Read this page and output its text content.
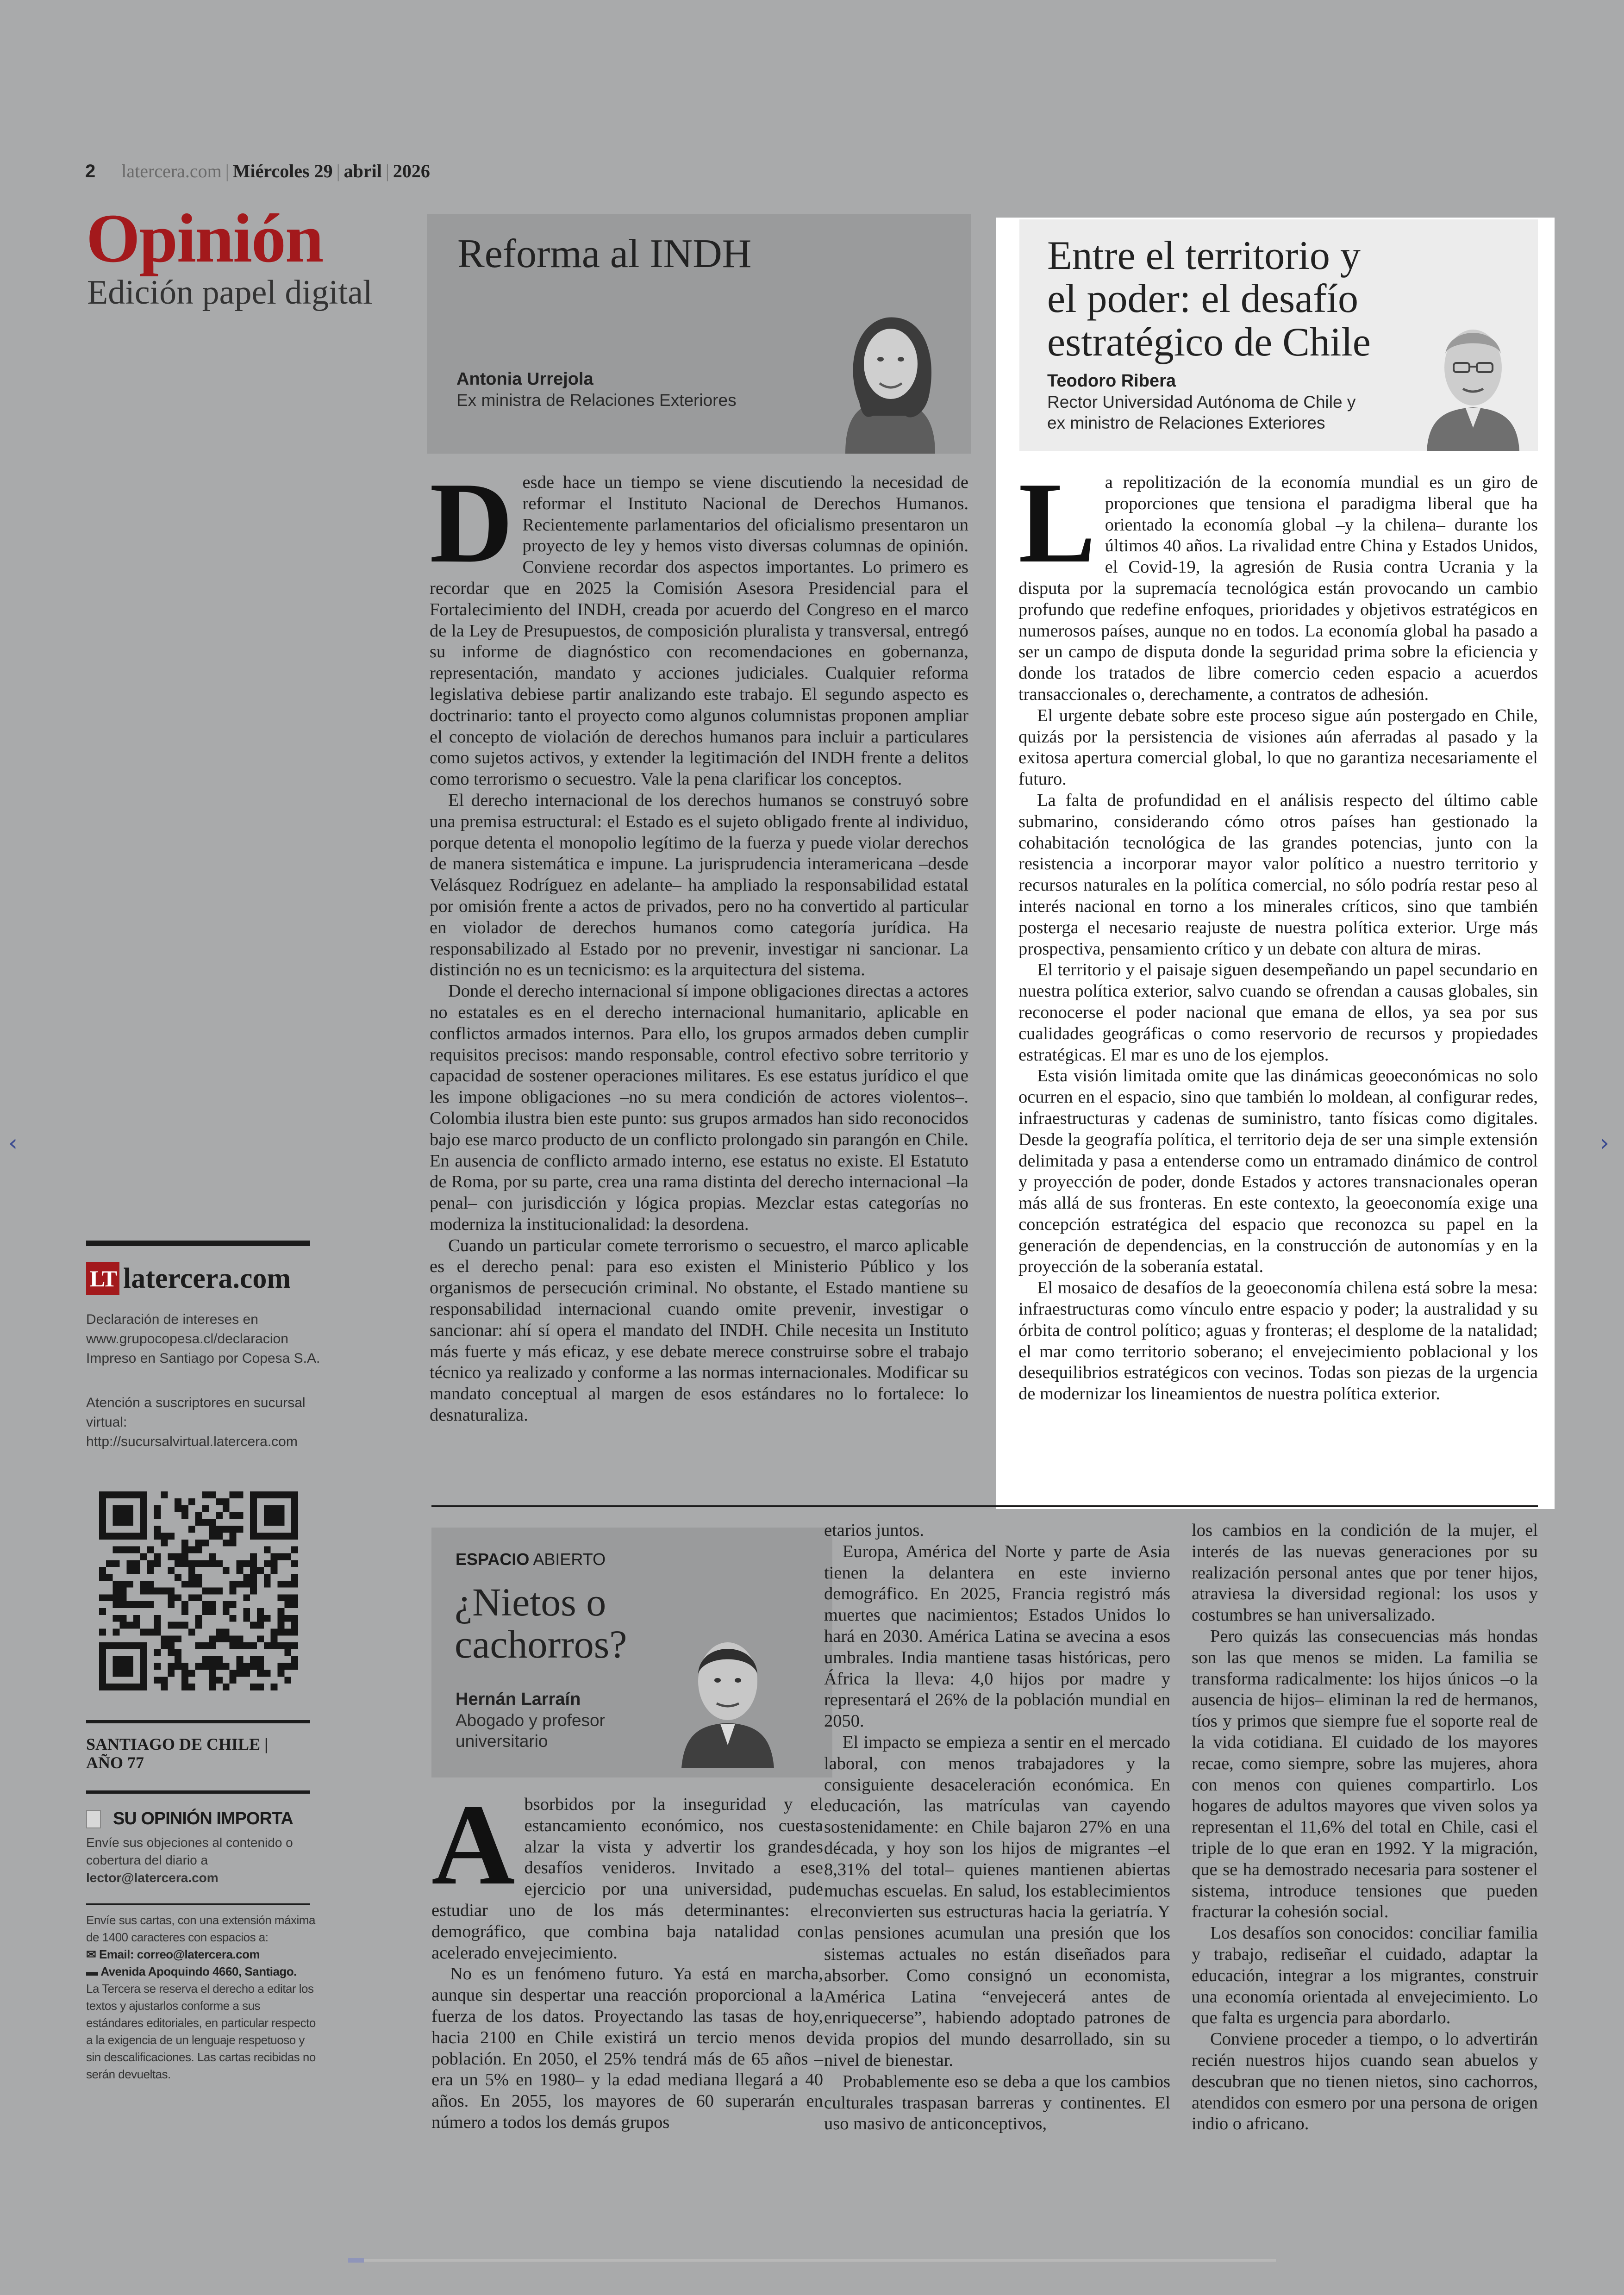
2 latercera.com | Miércoles 29 | abril | 2026
Opinión
Edición papel digital
LT latercera.com
Declaración de intereses en www.grupocopesa.cl/declaracion Impreso en Santiago por Copesa S.A.
Atención a suscriptores en sucursal virtual: http://sucursalvirtual.latercera.com
SANTIAGO DE CHILE |
AÑO 77
SU OPINIÓN IMPORTA
Envíe sus objeciones al contenido o cobertura del diario a
lector@latercera.com
Envíe sus cartas, con una extensión máxima de 1400 caracteres con espacios a:
✉ Email: correo@latercera.com
▬ Avenida Apoquindo 4660, Santiago.
La Tercera se reserva el derecho a editar los textos y ajustarlos conforme a sus estándares editoriales, en particular respecto a la exigencia de un lenguaje respetuoso y sin descalificaciones. Las cartas recibidas no serán devueltas.
Reforma al INDH
Antonia Urrejola
Ex ministra de Relaciones Exteriores
Entre el territorio y
el poder: el desafío
estratégico de Chile
Teodoro Ribera
Rector Universidad Autónoma de Chile y
ex ministro de Relaciones Exteriores

Desde hace un tiempo se viene discutiendo la necesidad de reformar el Instituto Nacional de Derechos Humanos. Recientemente parlamentarios del oficialismo presentaron un proyecto de ley y hemos visto diversas columnas de opinión. Conviene recordar dos aspectos importantes. Lo primero es recordar que en 2025 la Comisión Asesora Presidencial para el Fortalecimiento del INDH, creada por acuerdo del Congreso en el marco de la Ley de Presupuestos, de composición pluralista y transversal, entregó su informe de diagnóstico con recomendaciones en gobernanza, representación, mandato y acciones judiciales. Cualquier reforma legislativa debiese partir analizando este trabajo. El segundo aspecto es doctrinario: tanto el proyecto como algunos columnistas proponen ampliar el concepto de violación de derechos humanos para incluir a particulares como sujetos activos, y extender la legitimación del INDH frente a delitos como terrorismo o secuestro. Vale la pena clarificar los conceptos.

El derecho internacional de los derechos humanos se construyó sobre una premisa estructural: el Estado es el sujeto obligado frente al individuo, porque detenta el monopolio legítimo de la fuerza y puede violar derechos de manera sistemática e impune. La jurisprudencia interamericana –desde Velásquez Rodríguez en adelante– ha ampliado la responsabilidad estatal por omisión frente a actos de privados, pero no ha convertido al particular en violador de derechos humanos como categoría jurídica. Ha responsabilizado al Estado por no prevenir, investigar ni sancionar. La distinción no es un tecnicismo: es la arquitectura del sistema.

Donde el derecho internacional sí impone obligaciones directas a actores no estatales es en el derecho internacional humanitario, aplicable en conflictos armados internos. Para ello, los grupos armados deben cumplir requisitos precisos: mando responsable, control efectivo sobre territorio y capacidad de sostener operaciones militares. Es ese estatus jurídico el que les impone obligaciones –no su mera condición de actores violentos–. Colombia ilustra bien este punto: sus grupos armados han sido reconocidos bajo ese marco producto de un conflicto prolongado sin parangón en Chile. En ausencia de conflicto armado interno, ese estatus no existe. El Estatuto de Roma, por su parte, crea una rama distinta del derecho internacional –la penal– con jurisdicción y lógica propias. Mezclar estas categorías no moderniza la institucionalidad: la desordena.

Cuando un particular comete terrorismo o secuestro, el marco aplicable es el derecho penal: para eso existen el Ministerio Público y los organismos de persecución criminal. No obstante, el Estado mantiene su responsabilidad internacional cuando omite prevenir, investigar o sancionar: ahí sí opera el mandato del INDH. Chile necesita un Instituto más fuerte y más eficaz, y ese debate merece construirse sobre el trabajo técnico ya realizado y conforme a las normas internacionales. Modificar su mandato conceptual al margen de esos estándares no lo fortalece: lo desnaturaliza.

La repolitización de la economía mundial es un giro de proporciones que tensiona el paradigma liberal que ha orientado la economía global –y la chilena– durante los últimos 40 años. La rivalidad entre China y Estados Unidos, el Covid-19, la agresión de Rusia contra Ucrania y la disputa por la supremacía tecnológica están provocando un cambio profundo que redefine enfoques, prioridades y objetivos estratégicos en numerosos países, aunque no en todos. La economía global ha pasado a ser un campo de disputa donde la seguridad prima sobre la eficiencia y donde los tratados de libre comercio ceden espacio a acuerdos transaccionales o, derechamente, a contratos de adhesión.

El urgente debate sobre este proceso sigue aún postergado en Chile, quizás por la persistencia de visiones aún aferradas al pasado y la exitosa apertura comercial global, lo que no garantiza necesariamente el futuro.

La falta de profundidad en el análisis respecto del último cable submarino, considerando cómo otros países han gestionado la cohabitación tecnológica de las grandes potencias, junto con la resistencia a incorporar mayor valor político a nuestro territorio y recursos naturales en la política comercial, no sólo podría restar peso al interés nacional en torno a los minerales críticos, sino que también posterga el necesario reajuste de nuestra política exterior. Urge más prospectiva, pensamiento crítico y un debate con altura de miras.

El territorio y el paisaje siguen desempeñando un papel secundario en nuestra política exterior, salvo cuando se ofrendan a causas globales, sin reconocerse el poder nacional que emana de ellos, ya sea por sus cualidades geográficas o como reservorio de recursos y propiedades estratégicas. El mar es uno de los ejemplos.

Esta visión limitada omite que las dinámicas geoeconómicas no solo ocurren en el espacio, sino que también lo moldean, al configurar redes, infraestructuras y cadenas de suministro, tanto físicas como digitales. Desde la geografía política, el territorio deja de ser una simple extensión delimitada y pasa a entenderse como un entramado dinámico de control y proyección de poder, donde Estados y actores transnacionales operan más allá de sus fronteras. En este contexto, la geoeconomía exige una concepción estratégica del espacio que reconozca su papel en la generación de dependencias, en la construcción de autonomías y en la proyección de la soberanía estatal.

El mosaico de desafíos de la geoeconomía chilena está sobre la mesa: infraestructuras como vínculo entre espacio y poder; la australidad y su órbita de control político; aguas y fronteras; el desplome de la natalidad; el mar como territorio soberano; el envejecimiento poblacional y los desequilibrios estratégicos con vecinos. Todas son piezas de la urgencia de modernizar los lineamientos de nuestra política exterior.

ESPACIO ABIERTO
¿Nietos o
cachorros?
Hernán Larraín
Abogado y profesor
universitario

Absorbidos por la inseguridad y el estancamiento económico, nos cuesta alzar la vista y advertir los grandes desafíos venideros. Invitado a ese ejercicio por una universidad, pude estudiar uno de los más determinantes: el demográfico, que combina baja natalidad con acelerado envejecimiento.

No es un fenómeno futuro. Ya está en marcha, aunque sin despertar una reacción proporcional a la fuerza de los datos. Proyectando las tasas de hoy, hacia 2100 en Chile existirá un tercio menos de población. En 2050, el 25% tendrá más de 65 años –era un 5% en 1980– y la edad mediana llegará a 40 años. En 2055, los mayores de 60 superarán en número a todos los demás grupos

etarios juntos.

Europa, América del Norte y parte de Asia tienen la delantera en este invierno demográfico. En 2025, Francia registró más muertes que nacimientos; Estados Unidos lo hará en 2030. América Latina se avecina a esos umbrales. India mantiene tasas históricas, pero África la lleva: 4,0 hijos por madre y representará el 26% de la población mundial en 2050.

El impacto se empieza a sentir en el mercado laboral, con menos trabajadores y la consiguiente desaceleración económica. En educación, las matrículas van cayendo sostenidamente: en Chile bajaron 27% en una década, y hoy son los hijos de migrantes –el 8,31% del total– quienes mantienen abiertas muchas escuelas. En salud, los establecimientos reconvierten sus estructuras hacia la geriatría. Y las pensiones acumulan una presión que los sistemas actuales no están diseñados para absorber. Como consignó un economista, América Latina “envejecerá antes de enriquecerse”, habiendo adoptado patrones de vida propios del mundo desarrollado, sin su nivel de bienestar.

Probablemente eso se deba a que los cambios culturales traspasan barreras y continentes. El uso masivo de anticonceptivos,

los cambios en la condición de la mujer, el interés de las nuevas generaciones por su realización personal antes que por tener hijos, atraviesa la diversidad regional: los usos y costumbres se han universalizado.

Pero quizás las consecuencias más hondas son las que menos se miden. La familia se transforma radicalmente: los hijos únicos –o la ausencia de hijos– eliminan la red de hermanos, tíos y primos que siempre fue el soporte real de la vida cotidiana. El cuidado de los mayores recae, como siempre, sobre las mujeres, ahora con menos con quienes compartirlo. Los hogares de adultos mayores que viven solos ya representan el 11,6% del total en Chile, casi el triple de lo que eran en 1992. Y la migración, que se ha demostrado necesaria para sostener el sistema, introduce tensiones que pueden fracturar la cohesión social.

Los desafíos son conocidos: conciliar familia y trabajo, rediseñar el cuidado, adaptar la educación, integrar a los migrantes, construir una economía orientada al envejecimiento. Lo que falta es urgencia para abordarlo.

Conviene proceder a tiempo, o lo advertirán recién nuestros hijos cuando sean abuelos y descubran que no tienen nietos, sino cachorros, atendidos con esmero por una persona de origen indio o africano.

‹	›
